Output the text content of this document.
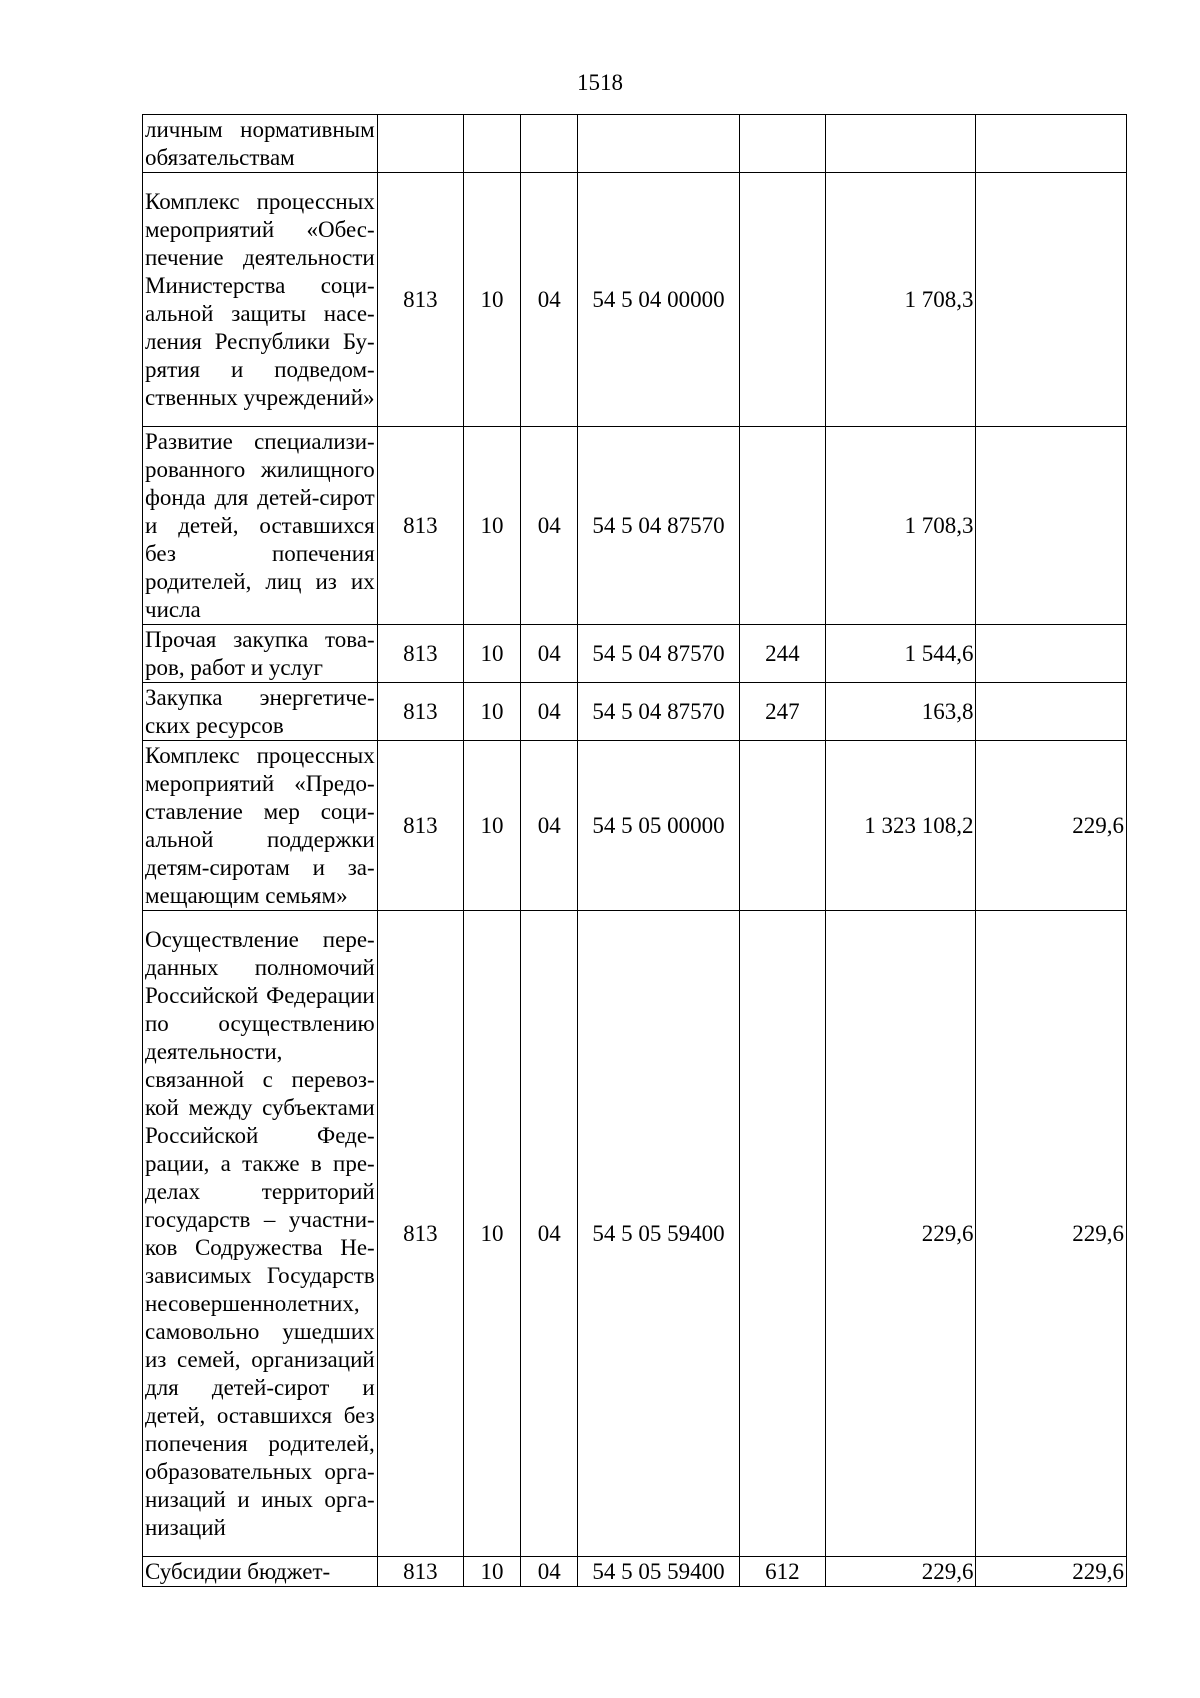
1518
личным нормативным обязательствам							
Комплекс процессных мероприятий «Обеспечение деятельности Министерства социальной защиты населения Республики Бурятия и подведомственных учреждений»	813	10	04	54 5 04 00000		1 708,3	
Развитие специализированного жилищного фонда для детей-сирот и детей, оставшихся без попечения родителей, лиц из их числа	813	10	04	54 5 04 87570		1 708,3	
Прочая закупка товаров, работ и услуг	813	10	04	54 5 04 87570	244	1 544,6	
Закупка энергетических ресурсов	813	10	04	54 5 04 87570	247	163,8	
Комплекс процессных мероприятий «Предоставление мер социальной поддержки детям-сиротам и замещающим семьям»	813	10	04	54 5 05 00000		1 323 108,2	229,6
Осуществление переданных полномочий Российской Федерации по осуществлению деятельности, связанной с перевозкой между субъектами Российской Федерации, а также в пределах территорий государств – участников Содружества Независимых Государств несовершеннолетних, самовольно ушедших из семей, организаций для детей-сирот и детей, оставшихся без попечения родителей, образовательных организаций и иных организаций	813	10	04	54 5 05 59400		229,6	229,6
Субсидии бюджет-	813	10	04	54 5 05 59400	612	229,6	229,6
